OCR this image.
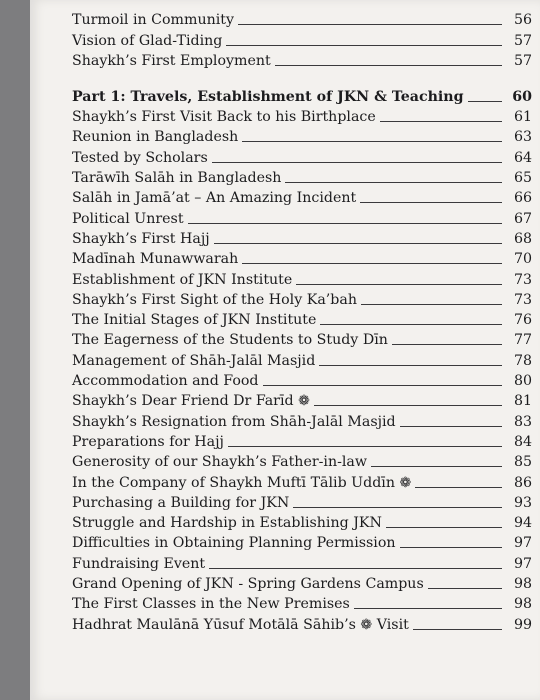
Turmoil in Community	56
Vision of Glad-Tiding	57
Shaykh’s First Employment	57
Part 1: Travels, Establishment of JKN & Teaching	60
Shaykh’s First Visit Back to his Birthplace	61
Reunion in Bangladesh	63
Tested by Scholars	64
Tarāwīh Salāh in Bangladesh	65
Salāh in Jamā’at – An Amazing Incident	66
Political Unrest	67
Shaykh’s First Hajj	68
Madīnah Munawwarah	70
Establishment of JKN Institute	73
Shaykh’s First Sight of the Holy Ka’bah	73
The Initial Stages of JKN Institute	76
The Eagerness of the Students to Study Dīn	77
Management of Shāh-Jalāl Masjid	78
Accommodation and Food	80
Shaykh’s Dear Friend Dr Farīd ❁	81
Shaykh’s Resignation from Shāh-Jalāl Masjid	83
Preparations for Hajj	84
Generosity of our Shaykh’s Father-in-law	85
In the Company of Shaykh Muftī Tālib Uddīn ❁	86
Purchasing a Building for JKN	93
Struggle and Hardship in Establishing JKN	94
Difficulties in Obtaining Planning Permission	97
Fundraising Event	97
Grand Opening of JKN - Spring Gardens Campus	98
The First Classes in the New Premises	98
Hadhrat Maulānā Yūsuf Motālā Sāhib’s ❁ Visit	99
